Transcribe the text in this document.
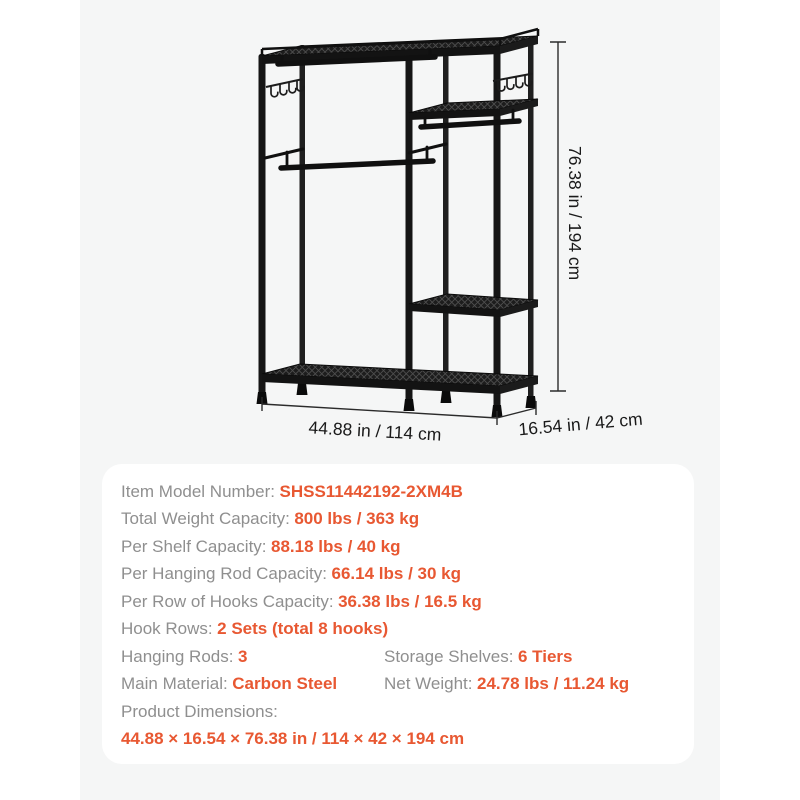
76.38 in / 194 cm
44.88 in / 114 cm	16.54 in / 42 cm
Item Model Number: SHSS11442192-2XM4B
Total Weight Capacity: 800 lbs / 363 kg
Per Shelf Capacity: 88.18 lbs / 40 kg
Per Hanging Rod Capacity: 66.14 lbs / 30 kg
Per Row of Hooks Capacity: 36.38 lbs / 16.5 kg
Hook Rows: 2 Sets (total 8 hooks)
Hanging Rods: 3	Storage Shelves: 6 Tiers
Main Material: Carbon Steel	Net Weight: 24.78 lbs / 11.24 kg
Product Dimensions:
44.88 × 16.54 × 76.38 in / 114 × 42 × 194 cm
